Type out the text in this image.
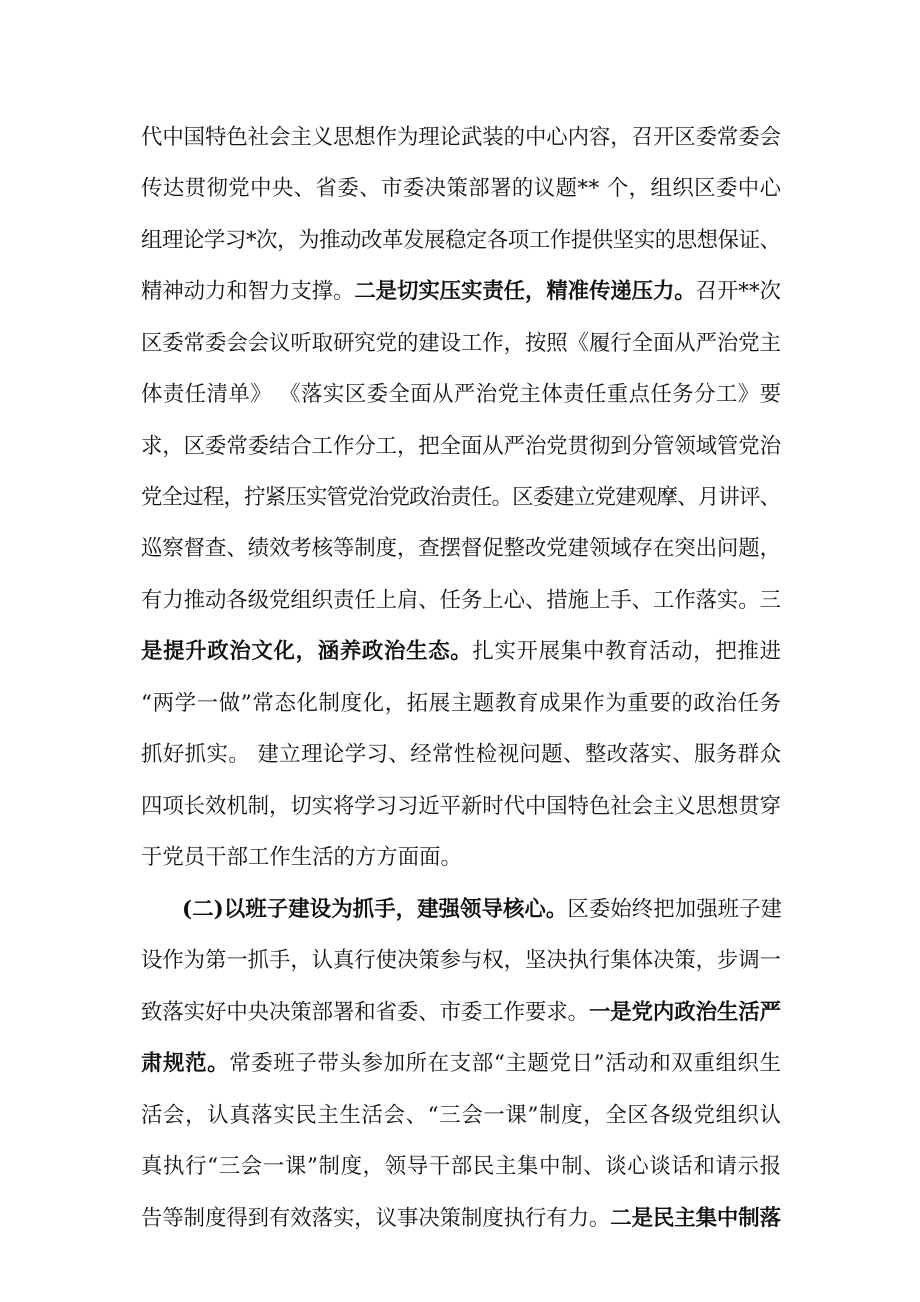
代中国特色社会主义思想作为理论武装的中心内容，召开区委常委会

传达贯彻党中央、省委、市委决策部署的议题** 个，组织区委中心

组理论学习*次，为推动改革发展稳定各项工作提供坚实的思想保证、

精神动力和智力支撑。二是切实压实责任，精准传递压力。召开**次

区委常委会会议听取研究党的建设工作，按照《履行全面从严治党主

体责任清单》 《落实区委全面从严治党主体责任重点任务分工》要

求，区委常委结合工作分工，把全面从严治党贯彻到分管领域管党治

党全过程，拧紧压实管党治党政治责任。区委建立党建观摩、月讲评、

巡察督查、绩效考核等制度，查摆督促整改党建领域存在突出问题，

有力推动各级党组织责任上肩、任务上心、措施上手、工作落实。三

是提升政治文化，涵养政治生态。扎实开展集中教育活动，把推进

“两学一做”常态化制度化，拓展主题教育成果作为重要的政治任务

抓好抓实。 建立理论学习、经常性检视问题、整改落实、服务群众

四项长效机制，切实将学习习近平新时代中国特色社会主义思想贯穿

于党员干部工作生活的方方面面。

(二)以班子建设为抓手，建强领导核心。区委始终把加强班子建

设作为第一抓手，认真行使决策参与权，坚决执行集体决策，步调一

致落实好中央决策部署和省委、市委工作要求。一是党内政治生活严

肃规范。常委班子带头参加所在支部“主题党日”活动和双重组织生

活会，认真落实民主生活会、“三会一课”制度，全区各级党组织认

真执行“三会一课”制度，领导干部民主集中制、谈心谈话和请示报

告等制度得到有效落实，议事决策制度执行有力。二是民主集中制落
